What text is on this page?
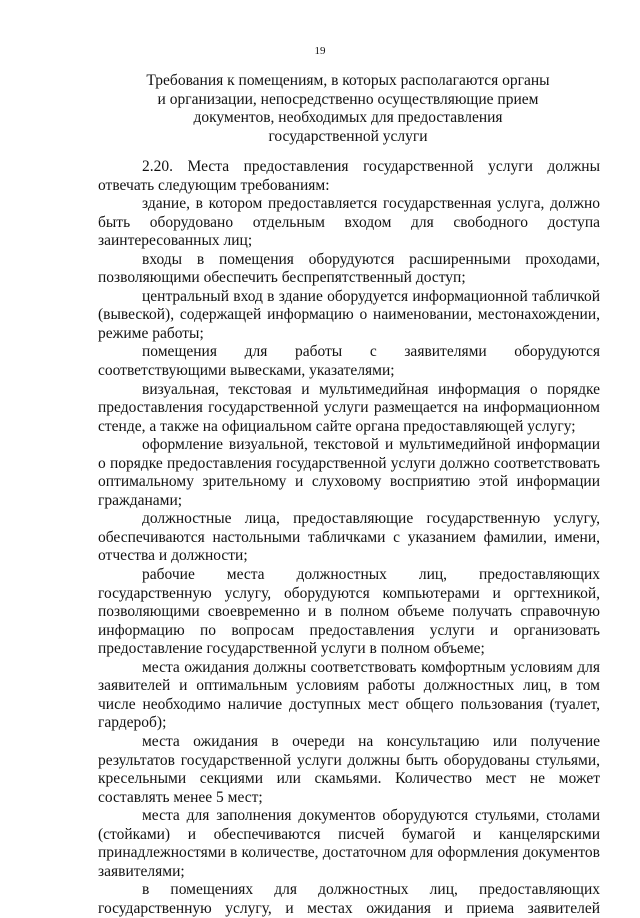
19
Требования к помещениям, в которых располагаются органы
и организации, непосредственно осуществляющие прием
документов, необходимых для предоставления
государственной услуги

2.20. Места предоставления государственной услуги должны отвечать следующим требованиям:

здание, в котором предоставляется государственная услуга, должно быть оборудовано отдельным входом для свободного доступа заинтересованных лиц;

входы в помещения оборудуются расширенными проходами, позволяющими обеспечить беспрепятственный доступ;

центральный вход в здание оборудуется информационной табличкой (вывеской), содержащей информацию о наименовании, местонахождении, режиме работы;

помещения для работы с заявителями оборудуются соответствующими вывесками, указателями;

визуальная, текстовая и мультимедийная информация о порядке предоставления государственной услуги размещается на информационном стенде, а также на официальном сайте органа предоставляющей услугу;

оформление визуальной, текстовой и мультимедийной информации о порядке предоставления государственной услуги должно соответствовать оптимальному зрительному и слуховому восприятию этой информации гражданами;

должностные лица, предоставляющие государственную услугу, обеспечиваются настольными табличками с указанием фамилии, имени, отчества и должности;

рабочие места должностных лиц, предоставляющих государственную услугу, оборудуются компьютерами и оргтехникой, позволяющими своевременно и в полном объеме получать справочную информацию по вопросам предоставления услуги и организовать предоставление государственной услуги в полном объеме;

места ожидания должны соответствовать комфортным условиям для заявителей и оптимальным условиям работы должностных лиц, в том числе необходимо наличие доступных мест общего пользования (туалет, гардероб);

места ожидания в очереди на консультацию или получение результатов государственной услуги должны быть оборудованы стульями, кресельными секциями или скамьями. Количество мест не может составлять менее 5 мест;

места для заполнения документов оборудуются стульями, столами (стойками) и обеспечиваются писчей бумагой и канцелярскими принадлежностями в количестве, достаточном для оформления документов заявителями;

в помещениях для должностных лиц, предоставляющих государственную услугу, и местах ожидания и приема заявителей
